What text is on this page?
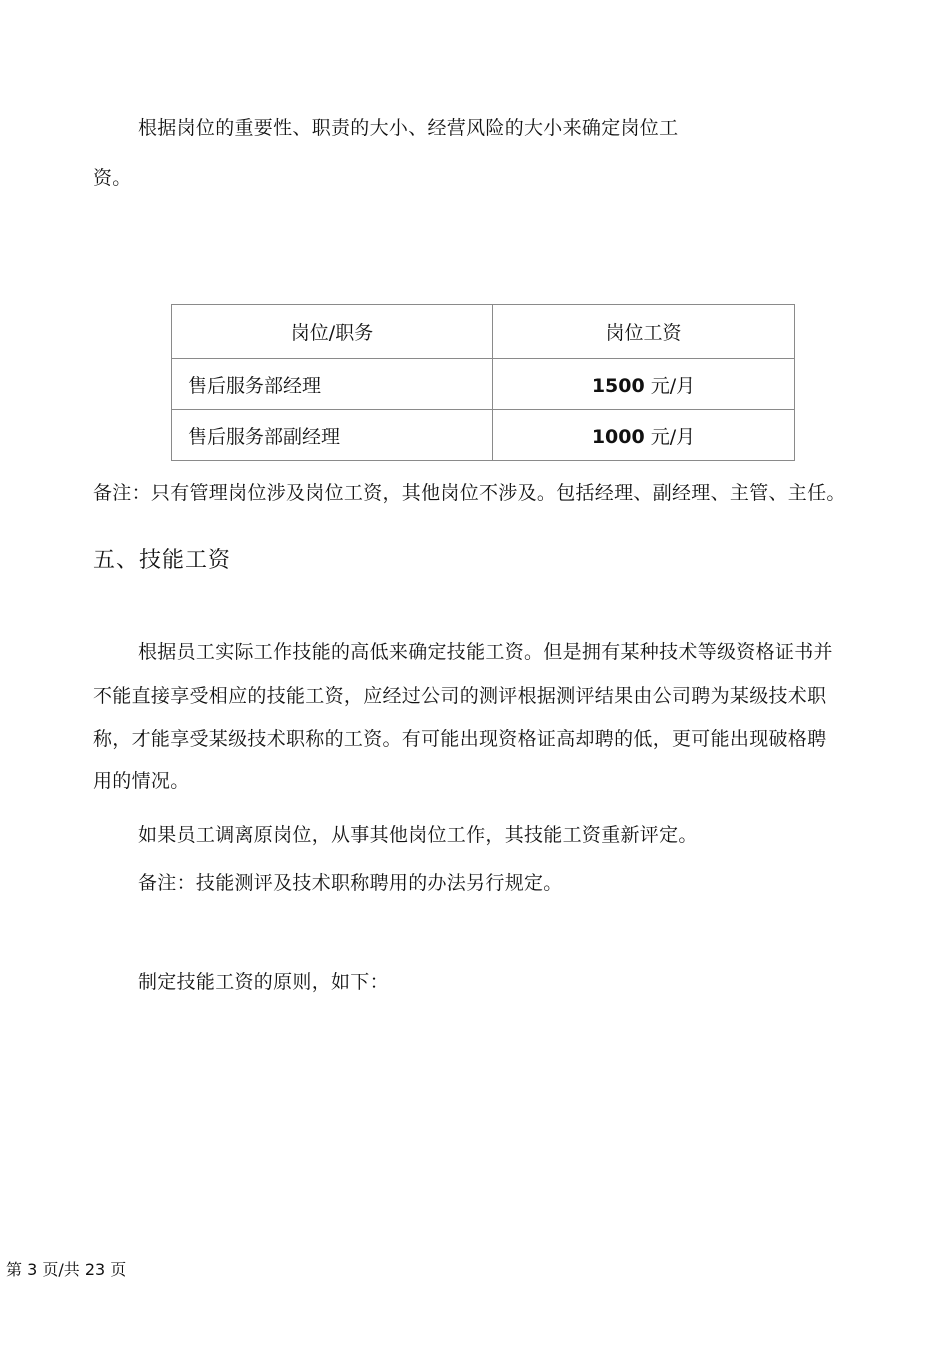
根据岗位的重要性、职责的大小、经营风险的大小来确定岗位工
资。
岗位/职务	岗位工资
售后服务部经理	1500 元/月
售后服务部副经理	1000 元/月
备注：只有管理岗位涉及岗位工资，其他岗位不涉及。包括经理、副经理、主管、主任。
五、技能工资
根据员工实际工作技能的高低来确定技能工资。但是拥有某种技术等级资格证书并
不能直接享受相应的技能工资，应经过公司的测评根据测评结果由公司聘为某级技术职
称，才能享受某级技术职称的工资。有可能出现资格证高却聘的低，更可能出现破格聘
用的情况。
如果员工调离原岗位，从事其他岗位工作，其技能工资重新评定。
备注：技能测评及技术职称聘用的办法另行规定。
制定技能工资的原则，如下：
第 3 页/共 23 页
